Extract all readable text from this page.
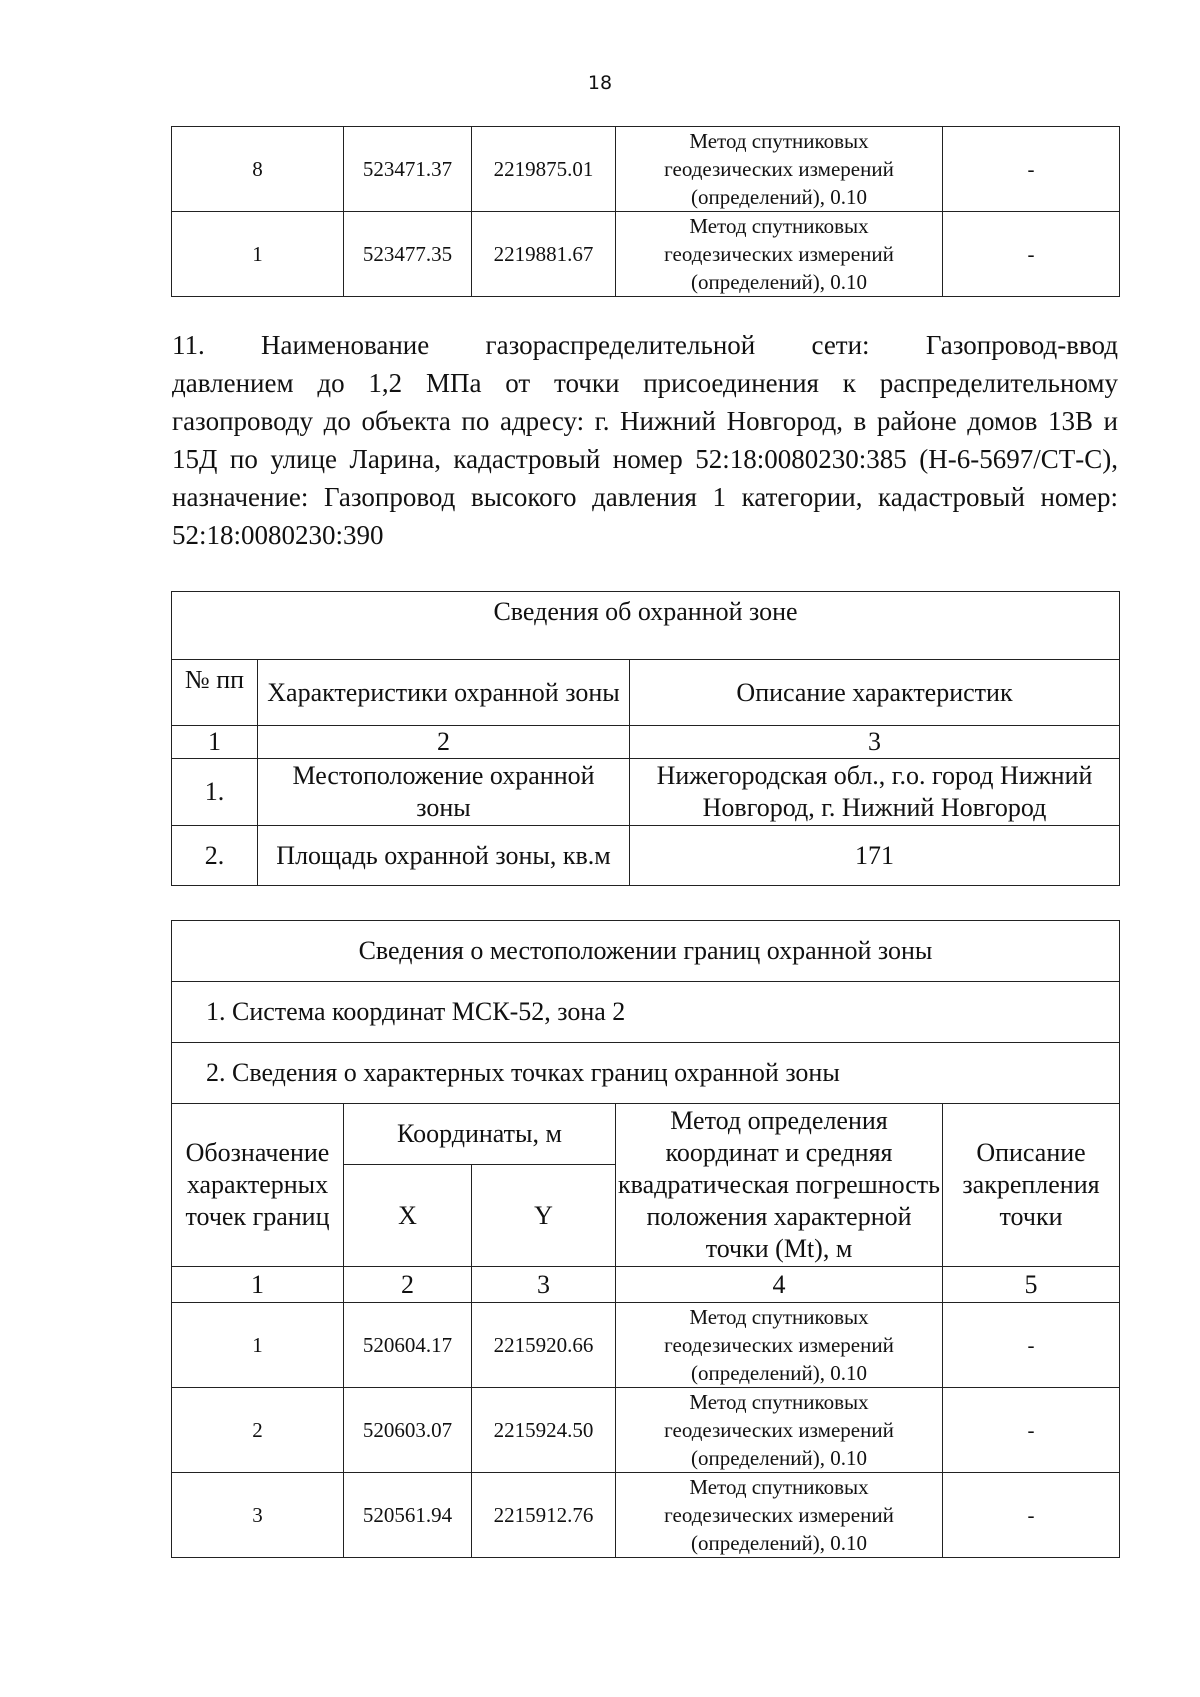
18
8	523471.37	2219875.01	Метод спутниковых
геодезических измерений
(определений), 0.10	-
1	523477.35	2219881.67	Метод спутниковых
геодезических измерений
(определений), 0.10	-
11. Наименование газораспределительной сети: Газопровод-ввод
давлением до 1,2 МПа от точки присоединения к распределительному
газопроводу до объекта по адресу: г. Нижний Новгород, в районе домов 13В и
15Д по улице Ларина, кадастровый номер 52:18:0080230:385 (Н-6-5697/СТ-С),
назначение: Газопровод высокого давления 1 категории, кадастровый номер:
52:18:0080230:390
Сведения об охранной зоне		
№ пп	Характеристики охранной зоны	Описание характеристик
1	2	3
1.	Местоположение охранной зоны	Нижегородская обл., г.о. город Нижний Новгород, г. Нижний Новгород
2.	Площадь охранной зоны, кв.м	171
Сведения о местоположении границ охранной зоны				
1. Система координат МСК-52, зона 2				
2. Сведения о характерных точках границ охранной зоны				
Обозначение характерных точек границ	Координаты, м		Метод определения координат и средняя квадратическая погрешность положения характерной точки (Mt), м	Описание закрепления точки
	X	Y		
1	2	3	4	5
1	520604.17	2215920.66	Метод спутниковых
геодезических измерений
(определений), 0.10	-
2	520603.07	2215924.50	Метод спутниковых
геодезических измерений
(определений), 0.10	-
3	520561.94	2215912.76	Метод спутниковых
геодезических измерений
(определений), 0.10	-
